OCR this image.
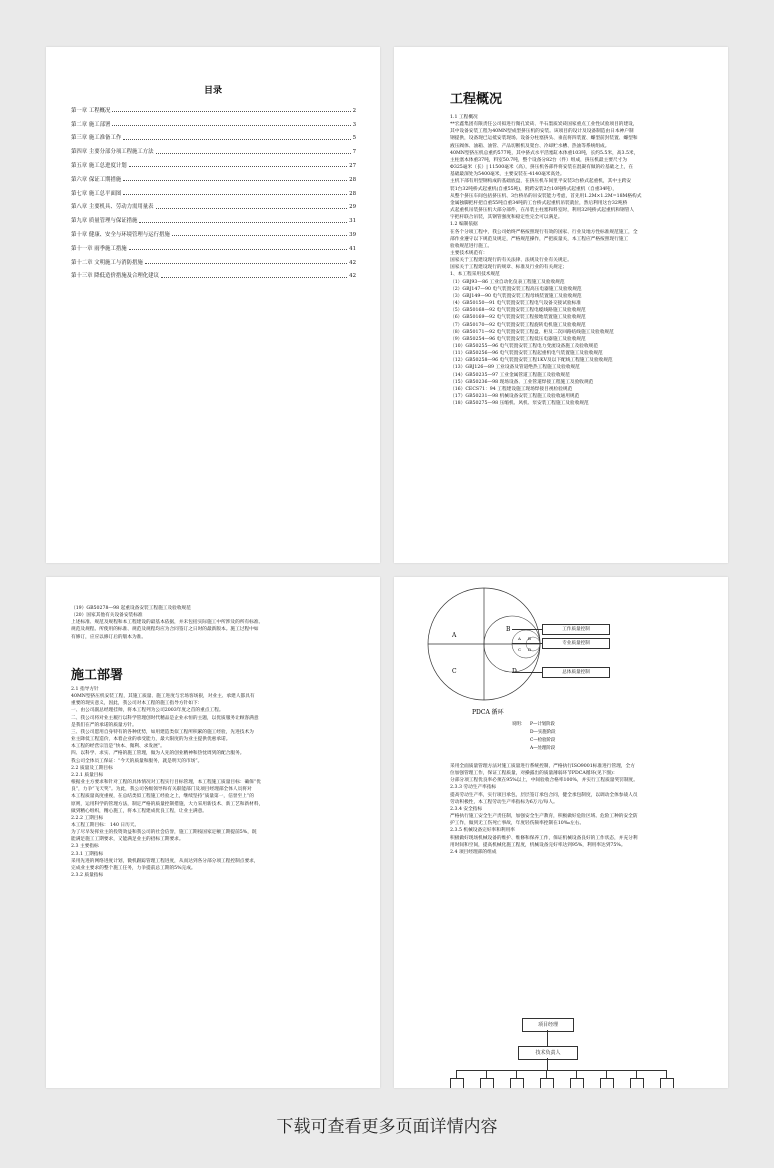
目录
第一章 工程概况	2
第二章 施工部署	3
第三章 施工准备工作	5
第四章 主要分部分项工程施工方法	7
第五章 施工总进度计划	27
第六章 保证工期措施	28
第七章 施工总平面图	28
第八章 主要机具、劳动力需用量表	29
第九章 质量管理与保证措施	31
第十章 健康、安全与环境管理与运行措施	39
第十一章 雨季施工措施	41
第十二章 文明施工与消防措施	42
第十三章 降低造价措施及合理化建议	42
工程概况

1.1 工程概况

**宏鑫集团有限责任公司拟进行微孔炭砖、半石墨质炭砖国家重点工业性试验项目的建设，

其中设备安装工程为40MN型成型挤压机的安装。该项目的设计及设备制造由日本神户制

钢提供，设备现已运抵安装现场。设备分柱塞挤头、垂直将四装置、螺型前封装置、螺型和

液压阀体、油箱、油管、产品切断机及架台、冷却贮水槽、热油等系统组成。

40MN型挤压机总重约577吨，其中挤式水平活塞缸本体重103吨，长约5.5米，高3.5米，

主柱塞本体重37吨，料室50.7吨，整个设备分82台（件）组成，挤压机最主要尺寸为

Φ325毫米（长）| 11500毫米（高），挤压机各部件将安装在混凝有做的砼基础之上，在

基础最深处为5400毫米，主要安装在-4140毫米高处。

主机下部有用型钢构成的基础底盘，在挤压机车间里平安装3台桥式起重机，其中主跨安

装1台32吨桥式起重机(自重55吨)，附跨安装2台10吨桥式起重机（自重34吨），

从整个挤压车间包括挤压机、3台桥吊的吊安装能力考虑，首先用1.2M×1.2M=18M格构式

金属独脚把杆把自重55吨自重34吨的工台桥式起重机吊装就位，然后利用这台32吨桥

式起重机吊装挤压机大部分部件，在吊装主柱塞和料室时，利用32吨桥式起重机和钢管人

字把杆联合吊装，其钢管强度和稳定性完全可以满足。

1.2 编制依据

在各个分项工程中，我公司始终严格按照现行有效的国家、行业及地方性标准规范施工，全

部作业遵守以下规范及规定，严格规范操作，严把质量关，本工程应严格按照现行施工

验收规范进行施工。

主要技术规范有：

国家关于工程建设现行的有关法律、法规及行业有关规定。

国家关于工程建设现行的规章、标准及行业的有关规定；

1、本工程采用技术规范

（1）GBJ93—86 工业自动化仪表工程施工及验收规范

（2）GBJ147—90 电气装置安装工程高压电器施工及验收规范

（3）GBJ149—90 电气装置安装工程母线装置施工及验收规范

（4）GB50150—91 电气装置安装工程电气设备交接试验标准

（5）GB50168—92 电气装置安装工程电缆线路施工及验收规范

（6）GB50169—92 电气装置安装工程接地装置施工及验收规范

（7）GB50170—92 电气装置安装工程旋转电机施工及验收规范

（8）GB50171—92 电气装置安装工程盘、柜及二次回路结线施工及验收规范

（9）GB50254—96 电气装置安装工程低压电器施工及验收规范

（10）GB50255—96 电气装置安装工程电力变流设备施工及验收规范

（11）GB50256—96 电气装置安装工程起重机电气装置施工及验收规范

（12）GB50258—96 电气装置安装工程1KV及以下配线工程施工及验收规范

（13）GBJ126—89 工业设备及管道绝热工程施工及验收规范

（14）GB50235—97 工业金属管道工程施工及验收规范

（15）GB50236—98 现场设备、工业管道焊接工程施工及验收规范

（16）CECS71：94 工程建设施工现场焊接目视检验规范

（17）GB50231—98 机械设备安装工程施工及验收通用规范

（18）GB50275—98 压缩机、风机、泵安装工程施工及验收规范

（19）GB50278—98 起重设备安装工程施工及验收规范

（20）国家其他有关设备安装标准

上述标准、规范及规程和本工程建设的最基本依据，并未包括实际施工中所涉及的所有标准、

规范及规程。所使用的标准、规范及规程均应为合同签订之日时的最新版本。施工过程中如

有修订，应应以修订后的版本为准。

施工部署

2.1 指导方针

40MN型挤压机安装工程，其施工质量、施工进度与宏场客场狠，对业主、承建人都具有

重要的现实意义，因此，我公司对本工程的施工指导方针如下：

一、由公司副总经理挂帅，将本工程列为公司2003年度之首的重点工程。

二、我公司将对业主履行以科学管理创时代精品是企业永恒的主题，以优质服务让顾客满意

是我们在严的承诺的质量方针。

三、我公司愿用自身特有的各种优势，如用建造类似工程所积累的施工经验，先进技术为

业主降低工程造价，本着企业的承受能力，最大限度的为业主提供优惠承诺。

本工程的经营宗旨是“快本、微利、求发展”。

四、以科学、求实、严格的施工管理，做为人先的创业精神和热忱周到的配合服务。

我公司全体员工保证：“今天的质量和服务，就是明天的市场”。

2.2 质量及工期目标

2.2.1 质量目标

根据业主方要求和针对工程的具体情况对工程实行目标管理，本工程施工质量目标：确保“优

良”，力争“飞天奖”。为此，我公司各级领导和有关职能部门及项目经理部全体人员将对

本工程质量高度重视，在总结类似工程施工经验之上，继续坚持“质量第一，信誉至上”的

原则，运用科学的管理方法，制定严格的质量控制措施，大力采用新技术、新工艺和新材料，

做到精心组织，精心施工，将本工程建成优良工程，让业主满意。

2.2.2 工期目标

本工程工期目标： 140 日历天。

为了尽早发挥业主的投资效益和我公司的社会信誉，施工工期按国家定额工期提前5%，既

能满足施工工期要求，又能满足业主的招标工期要求。

2.3 主要指标

2.3.1 工期指标

采用先进的网络进度计划，微机跟踪管理工程进度，从而达到各分部分项工程控制点要求，

完成业主要求的整个施工任务，力争提前总工期的5%完成。

2.3.2 质量指标

A
B
C	D
A B
C D
PDCA 循环
说明： P—计划阶段
D—实施阶段
C—检验阶段
A—处理阶段
工作质量控制
专业质量控制
总体质量控制

采用全面质量管理方法对施工质量进行系统控制，严格执行ISO9001标准进行管理，全方

位加强管理工作，保证工程质量，对操露出的质量薄弱环节PDCA循环(见下图)：

分部分项工程优良率必须在95%以上，中间验收合格率100%，并实行工程质量奖罚制度。

2.3.3 劳动生产率指标

提高劳动生产率，实行项目承包，层层签订承包合同，健全承包制度，以调动全体参战人员

劳动积极性，本工程劳动生产率指标为6万元/每人。

2.3.4 安全指标

严格执行施工安全生产责任制，加强安全生产教育，积极做好危险区域、危险工种的安全防

护工作，做到无工伤死亡事故，年度轻伤频率控制在10‰左右。

2.3.5 机械设备完好率和利用率

积极做好现场机械设备的维护、维修和保养工作，保证机械设备良好的工作状态，并充分利

用时间和空间，提高机械化施工程度，机械设备完好率达到95%，利用率达到75%。

2.4 项目经理部的组成

项目经理
技术负责人
下载可查看更多页面详情内容
